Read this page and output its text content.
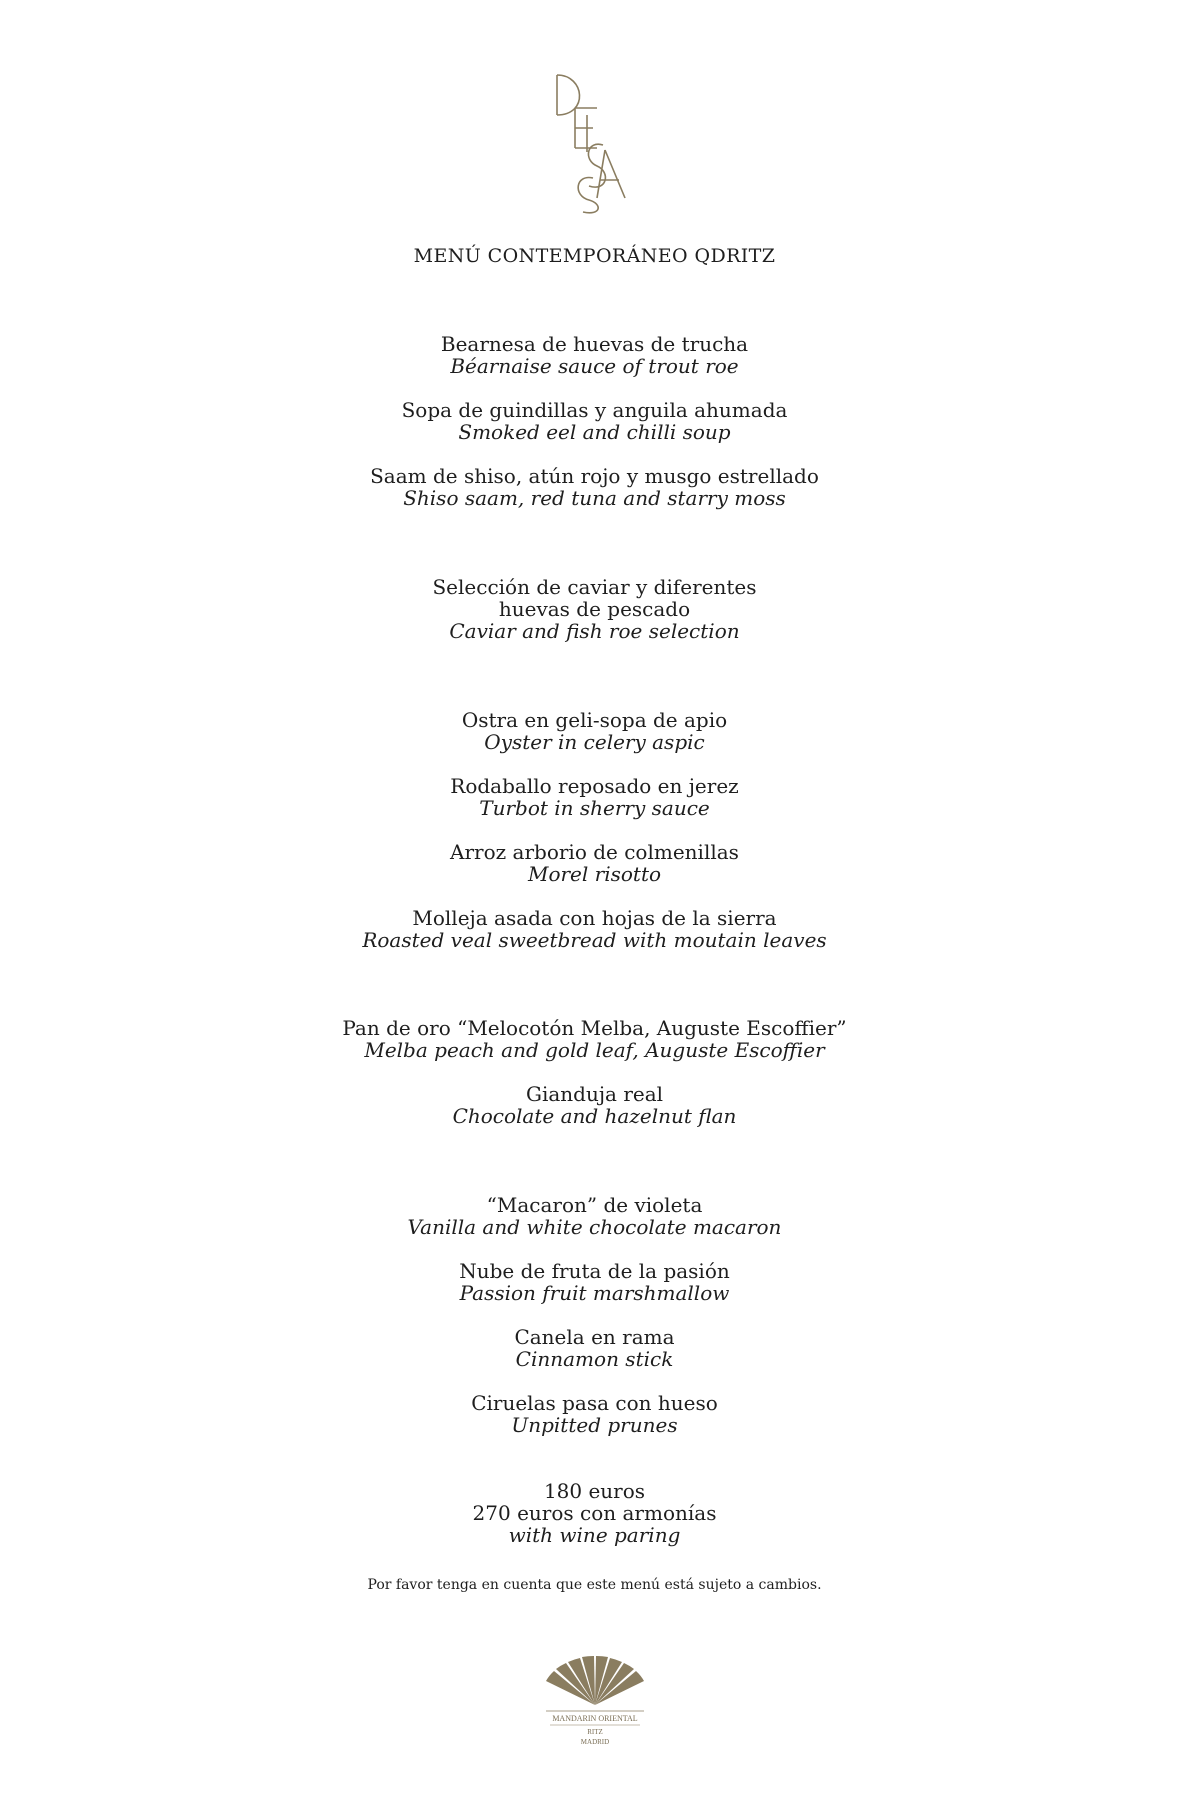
MENÚ CONTEMPORÁNEO QDRITZ
Bearnesa de huevas de trucha
Béarnaise sauce of trout roe
Sopa de guindillas y anguila ahumada
Smoked eel and chilli soup
Saam de shiso, atún rojo y musgo estrellado
Shiso saam, red tuna and starry moss
Selección de caviar y diferentes
huevas de pescado
Caviar and fish roe selection
Ostra en geli-sopa de apio
Oyster in celery aspic
Rodaballo reposado en jerez
Turbot in sherry sauce
Arroz arborio de colmenillas
Morel risotto
Molleja asada con hojas de la sierra
Roasted veal sweetbread with moutain leaves
Pan de oro “Melocotón Melba, Auguste Escoffier”
Melba peach and gold leaf, Auguste Escoffier
Gianduja real
Chocolate and hazelnut flan
“Macaron” de violeta
Vanilla and white chocolate macaron
Nube de fruta de la pasión
Passion fruit marshmallow
Canela en rama
Cinnamon stick
Ciruelas pasa con hueso
Unpitted prunes
180 euros
270 euros con armonías
with wine paring
Por favor tenga en cuenta que este menú está sujeto a cambios.
MANDARIN ORIENTAL
RITZ
MADRID
